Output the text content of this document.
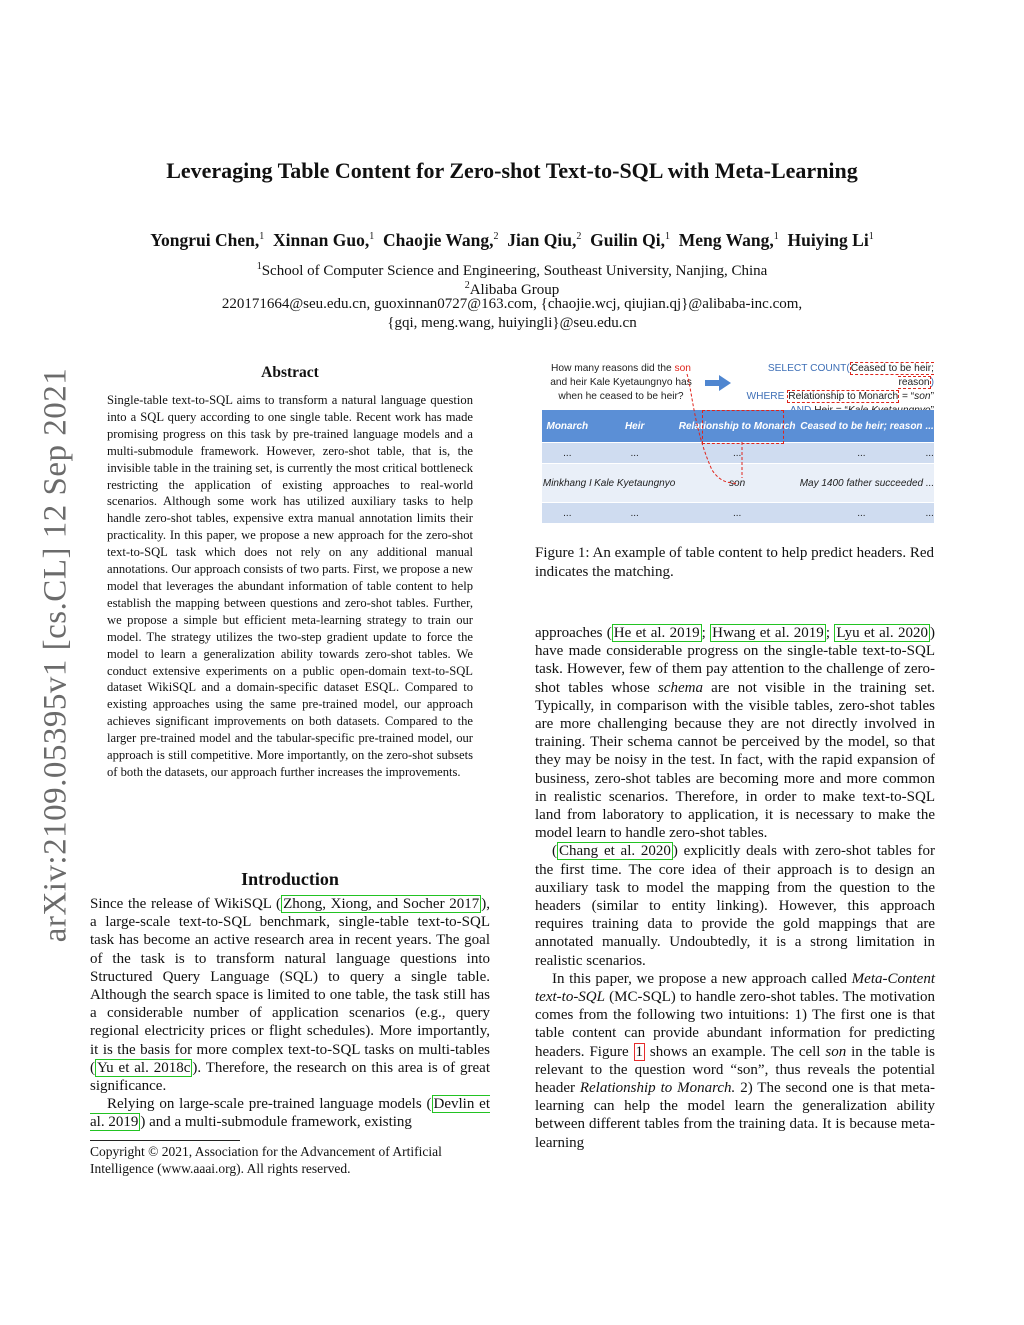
Leveraging Table Content for Zero-shot Text-to-SQL with Meta-Learning
Yongrui Chen,$^1$ Xinnan Guo,$^1$ Chaojie Wang,$^2$ Jian Qiu,$^2$ Guilin Qi,$^1$ Meng Wang,$^1$ Huiying Li$^1$
$^1$School of Computer Science and Engineering, Southeast University, Nanjing, China
$^2$Alibaba Group
220171664@seu.edu.cn, guoxinnan0727@163.com, {chaojie.wcj, qiujian.qj}@alibaba-inc.com,
{gqi, meng.wang, huiyingli}@seu.edu.cn
arXiv:2109.05395v1 [cs.CL] 12 Sep 2021	Abstract
Single-table text-to-SQL aims to transform a natural language question into a SQL query according to one single table. Recent work has made promising progress on this task by pre-trained language models and a multi-submodule framework. However, zero-shot table, that is, the invisible table in the training set, is currently the most critical bottleneck restricting the application of existing approaches to real-world scenarios. Although some work has utilized auxiliary tasks to help handle zero-shot tables, expensive extra manual annotation limits their practicality. In this paper, we propose a new approach for the zero-shot text-to-SQL task which does not rely on any additional manual annotations. Our approach consists of two parts. First, we propose a new model that leverages the abundant information of table content to help establish the mapping between questions and zero-shot tables. Further, we propose a simple but efficient meta-learning strategy to train our model. The strategy utilizes the two-step gradient update to force the model to learn a generalization ability towards zero-shot tables. We conduct extensive experiments on a public open-domain text-to-SQL dataset WikiSQL and a domain-specific dataset ESQL. Compared to existing approaches using the same pre-trained model, our approach achieves significant improvements on both datasets. Compared to the larger pre-trained model and the tabular-specific pre-trained model, our approach is still competitive. More importantly, on the zero-shot subsets of both the datasets, our approach further increases the improvements.
Introduction

Since the release of WikiSQL ( Zhong, Xiong, and Socher 2017 ), a large-scale text-to-SQL benchmark, single-table text-to-SQL task has become an active research area in recent years. The goal of the task is to transform natural language questions into Structured Query Language (SQL) to query a single table. Although the search space is limited to one table, the task still has a considerable number of application scenarios (e.g., query regional electricity prices or flight schedules). More importantly, it is the basis for more complex text-to-SQL tasks on multi-tables ( Yu et al. 2018c ). Therefore, the research on this area is of great significance.

Relying on large-scale pre-trained language models ( Devlin et al. 2019 ) and a multi-submodule framework, existing

Copyright © 2021, Association for the Advancement of Artificial Intelligence (www.aaai.org). All rights reserved.
How many reasons did the son and heir Kale Kyetaungnyo has when he ceased to be heir?
SELECT COUNT(Ceased to be heir; reason)
WHERE Relationship to Monarch = “son”
Monarch	Heir	Relationship to Monarch	Ceased to be heir; reason	...
...	...	...	...	...
Minkhang I	Kale Kyetaungnyo	son	May 1400 father succeeded	...
...	...	...	...	...
Figure 1: An example of table content to help predict headers. Red indicates the matching.

approaches ( He et al. 2019 ; Hwang et al. 2019 ; Lyu et al. 2020 ) have made considerable progress on the single-table text-to-SQL task. However, few of them pay attention to the challenge of zero-shot tables whose schema are not visible in the training set. Typically, in comparison with the visible tables, zero-shot tables are more challenging because they are not directly involved in training. Their schema cannot be perceived by the model, so that they may be noisy in the test. In fact, with the rapid expansion of business, zero-shot tables are becoming more and more common in realistic scenarios. Therefore, in order to make text-to-SQL land from laboratory to application, it is necessary to make the model learn to handle zero-shot tables.

( Chang et al. 2020 ) explicitly deals with zero-shot tables for the first time. The core idea of their approach is to design an auxiliary task to model the mapping from the question to the headers (similar to entity linking). However, this approach requires training data to provide the gold mappings that are annotated manually. Undoubtedly, it is a strong limitation in realistic scenarios.

In this paper, we propose a new approach called Meta-Content text-to-SQL (MC-SQL) to handle zero-shot tables. The motivation comes from the following two intuitions: 1) The first one is that table content can provide abundant information for predicting headers. Figure 1 shows an example. The cell son in the table is relevant to the question word “son”, thus reveals the potential header Relationship to Monarch. 2) The second one is that meta-learning can help the model learn the generalization ability between different tables from the training data. It is because meta-learning
